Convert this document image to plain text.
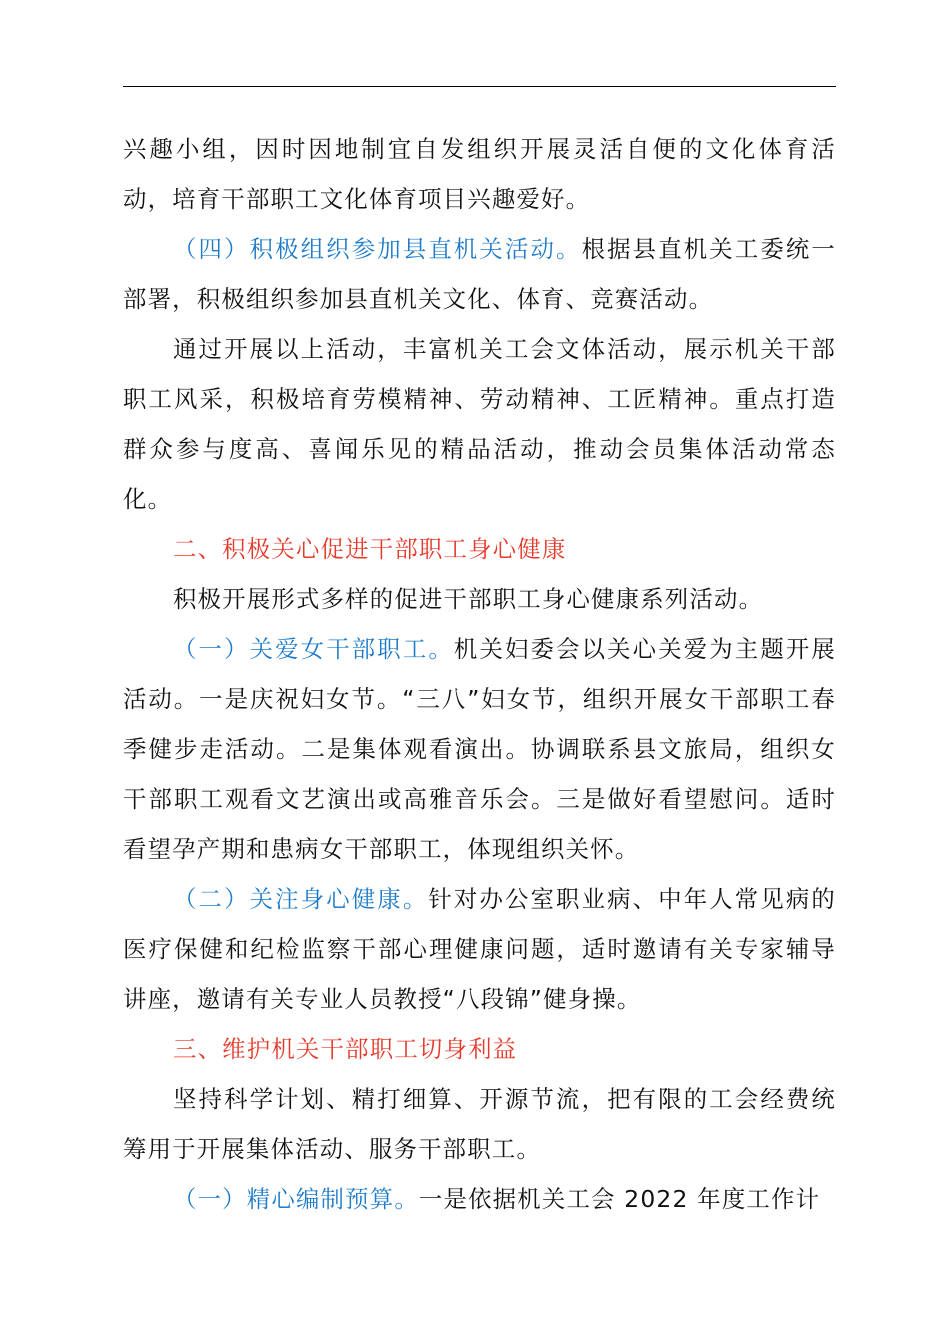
兴趣小组，因时因地制宜自发组织开展灵活自便的文化体育活动，培育干部职工文化体育项目兴趣爱好。

（四）积极组织参加县直机关活动。根据县直机关工委统一部署，积极组织参加县直机关文化、体育、竞赛活动。

通过开展以上活动，丰富机关工会文体活动，展示机关干部职工风采，积极培育劳模精神、劳动精神、工匠精神。重点打造群众参与度高、喜闻乐见的精品活动，推动会员集体活动常态化。

二、积极关心促进干部职工身心健康

积极开展形式多样的促进干部职工身心健康系列活动。

（一）关爱女干部职工。机关妇委会以关心关爱为主题开展活动。一是庆祝妇女节。“三八”妇女节，组织开展女干部职工春季健步走活动。二是集体观看演出。协调联系县文旅局，组织女干部职工观看文艺演出或高雅音乐会。三是做好看望慰问。适时看望孕产期和患病女干部职工，体现组织关怀。

（二）关注身心健康。针对办公室职业病、中年人常见病的医疗保健和纪检监察干部心理健康问题，适时邀请有关专家辅导讲座，邀请有关专业人员教授“八段锦”健身操。

三、维护机关干部职工切身利益

坚持科学计划、精打细算、开源节流，把有限的工会经费统筹用于开展集体活动、服务干部职工。

（一）精心编制预算。一是依据机关工会 2022 年度工作计
